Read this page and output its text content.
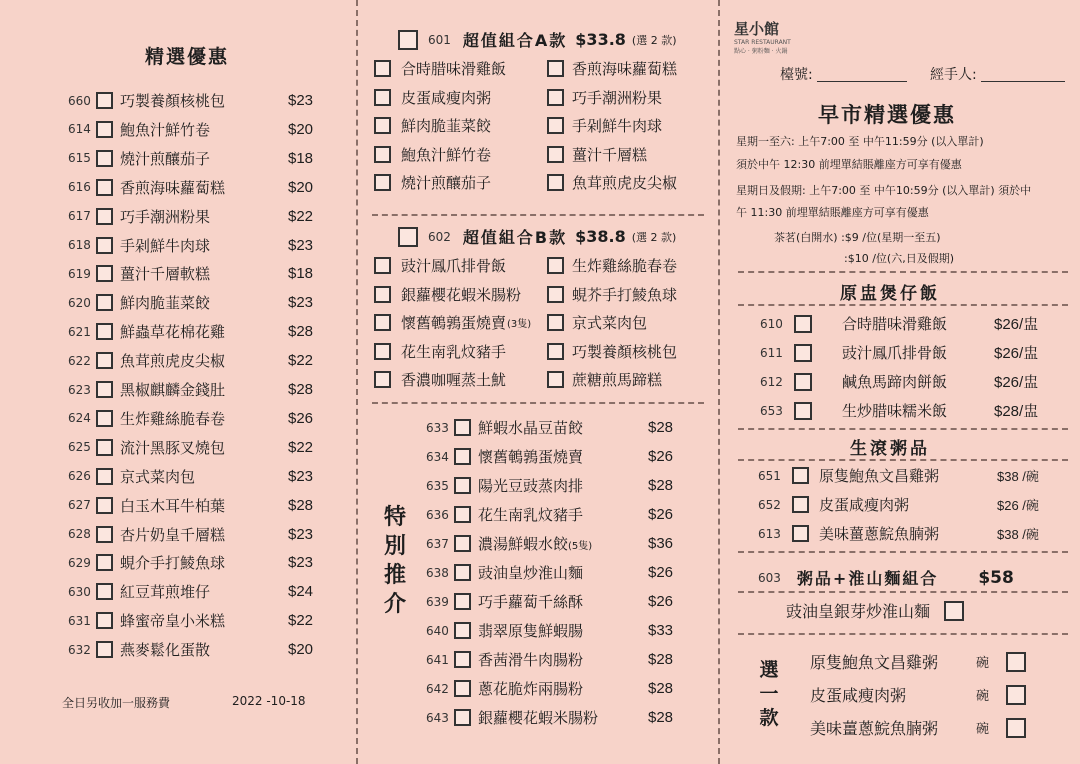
精選優惠
660	巧製養顏核桃包	$23
614	鮑魚汁鮮竹卷	$20
615	燒汁煎釀茄子	$18
616	香煎海味蘿蔔糕	$20
617	巧手潮洲粉果	$22
618	手剁鮮牛肉球	$23
619	薑汁千層軟糕	$18
620	鮮肉脆韮菜餃	$23
621	鮮蟲草花棉花雞	$28
622	魚茸煎虎皮尖椒	$22
623	黑椒麒麟金錢肚	$28
624	生炸雞絲脆春卷	$26
625	流汁黑豚叉燒包	$22
626	京式菜肉包	$23
627	白玉木耳牛柏葉	$28
628	杏片奶皇千層糕	$23
629	蜆介手打鯪魚球	$23
630	紅豆茸煎堆仔	$24
631	蜂蜜帝皇小米糕	$22
632	燕麥鬆化蛋散	$20
全日另收加一服務費	2022 -10-18
601 超值組合A款 $33.8 (選 2 款)
合時腊味滑雞飯
皮蛋咸瘦肉粥
鮮肉脆韮菜餃
鮑魚汁鮮竹卷
燒汁煎釀茄子
香煎海味蘿蔔糕
巧手潮洲粉果
手剁鮮牛肉球
薑汁千層糕
魚茸煎虎皮尖椒
602 超值組合B款 $38.8 (選 2 款)
豉汁鳳爪排骨飯
銀蘿櫻花蝦米腸粉
懷舊鵪鶉蛋燒賣 (3隻)
花生南乳炆豬手
香濃咖喱蒸土魷
生炸雞絲脆春卷
蜆芥手打鯪魚球
京式菜肉包
巧製養顏核桃包
蔗糖煎馬蹄糕
特
別
推
介
633	鮮蝦水晶豆苗餃	$28
634	懷舊鵪鶉蛋燒賣	$26
635	陽光豆豉蒸肉排	$28
636	花生南乳炆豬手	$26
637	濃湯鮮蝦水餃(5隻)	$36
638	豉油皇炒淮山麵	$26
639	巧手蘿蔔千絲酥	$26
640	翡翠原隻鮮蝦腸	$33
641	香茜滑牛肉腸粉	$28
642	蔥花脆炸兩腸粉	$28
643	銀蘿櫻花蝦米腸粉	$28
星小館
STAR RESTAURANT
點心 · 粥粉麵 · 火鍋
檯號:	經手人:
早市精選優惠
星期一至六: 上午7:00 至 中午11:59分 (以入單計)
須於中午 12:30 前埋單結賬離座方可享有優惠
星期日及假期: 上午7:00 至 中午10:59分 (以入單計) 須於中
午 11:30 前埋單結賬離座方可享有優惠
茶茗(白開水) :$9 /位(星期一至五)
:$10 /位(六,日及假期)
原盅煲仔飯
610	合時腊味滑雞飯	$26/盅
611	豉汁鳳爪排骨飯	$26/盅
612	鹹魚馬蹄肉餅飯	$26/盅
653	生炒腊味糯米飯	$28/盅
生滾粥品
651	原隻鮑魚文昌雞粥	$38 /碗
652	皮蛋咸瘦肉粥	$26 /碗
613	美味薑蔥鯇魚腩粥	$38 /碗
603 粥品+淮山麵組合 $58
豉油皇銀芽炒淮山麵
選
一
款
原隻鮑魚文昌雞粥	碗
皮蛋咸瘦肉粥	碗
美味薑蔥鯇魚腩粥	碗
